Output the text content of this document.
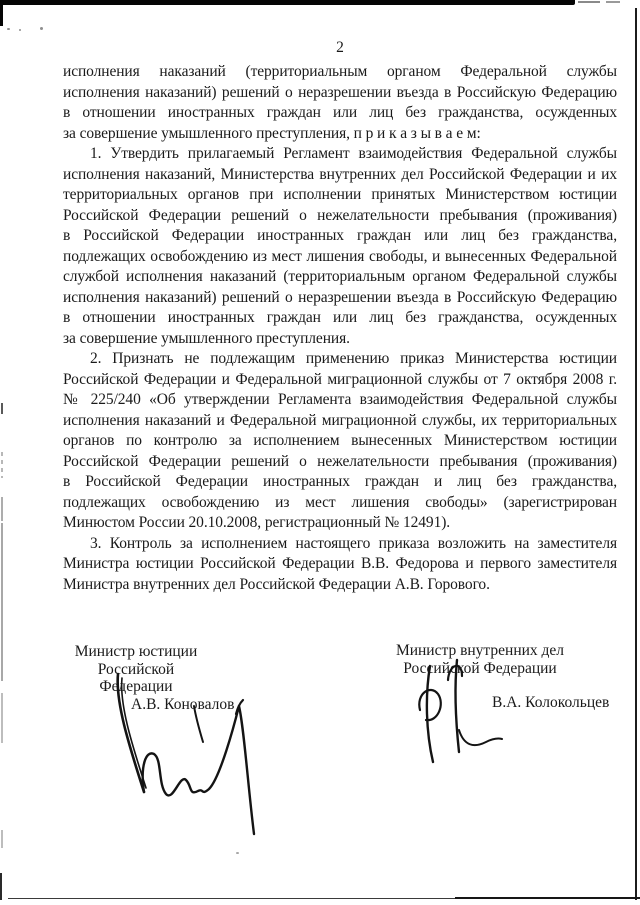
2
исполнения наказаний (территориальным органом Федеральной службы
исполнения наказаний) решений о неразрешении въезда в Российскую Федерацию
в отношении иностранных граждан или лиц без гражданства, осужденных
за совершение умышленного преступления, п р и к а з ы в а е м:
1. Утвердить прилагаемый Регламент взаимодействия Федеральной службы
исполнения наказаний, Министерства внутренних дел Российской Федерации и их
территориальных органов при исполнении принятых Министерством юстиции
Российской Федерации решений о нежелательности пребывания (проживания)
в Российской Федерации иностранных граждан или лиц без гражданства,
подлежащих освобождению из мест лишения свободы, и вынесенных Федеральной
службой исполнения наказаний (территориальным органом Федеральной службы
исполнения наказаний) решений о неразрешении въезда в Российскую Федерацию
в отношении иностранных граждан или лиц без гражданства, осужденных
за совершение умышленного преступления.
2. Признать не подлежащим применению приказ Министерства юстиции
Российской Федерации и Федеральной миграционной службы от 7 октября 2008 г.
№ 225/240 «Об утверждении Регламента взаимодействия Федеральной службы
исполнения наказаний и Федеральной миграционной службы, их территориальных
органов по контролю за исполнением вынесенных Министерством юстиции
Российской Федерации решений о нежелательности пребывания (проживания)
в Российской Федерации иностранных граждан и лиц без гражданства,
подлежащих освобождению из мест лишения свободы» (зарегистрирован
Минюстом России 20.10.2008, регистрационный № 12491).
3. Контроль за исполнением настоящего приказа возложить на заместителя
Министра юстиции Российской Федерации В.В. Федорова и первого заместителя
Министра внутренних дел Российской Федерации А.В. Горового.
Министр юстиции
Российской Федерации
Министр внутренних дел
Российской Федерации
А.В. Коновалов	В.А. Колокольцев
